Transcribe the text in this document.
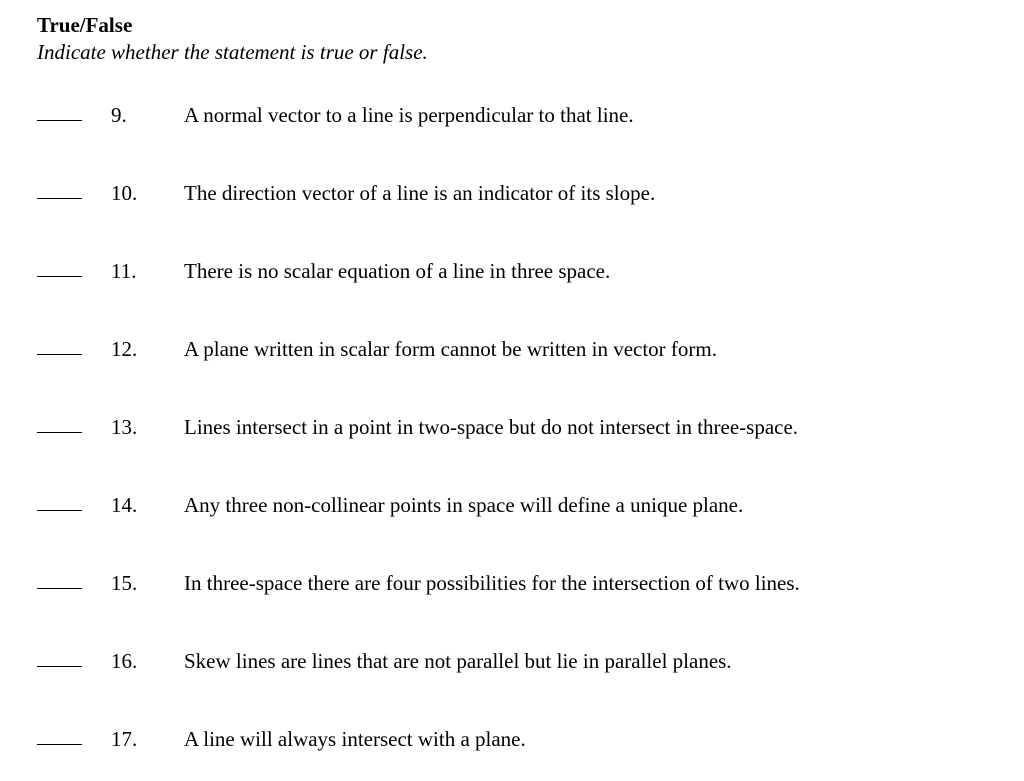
True/False

Indicate whether the statement is true or false.

9.	A normal vector to a line is perpendicular to that line.
10. The direction vector of a line is an indicator of its slope.
11. There is no scalar equation of a line in three space.
12. A plane written in scalar form cannot be written in vector form.
13. Lines intersect in a point in two-space but do not intersect in three-space.
14. Any three non-collinear points in space will define a unique plane.
15. In three-space there are four possibilities for the intersection of two lines.
16. Skew lines are lines that are not parallel but lie in parallel planes.
17. A line will always intersect with a plane.
